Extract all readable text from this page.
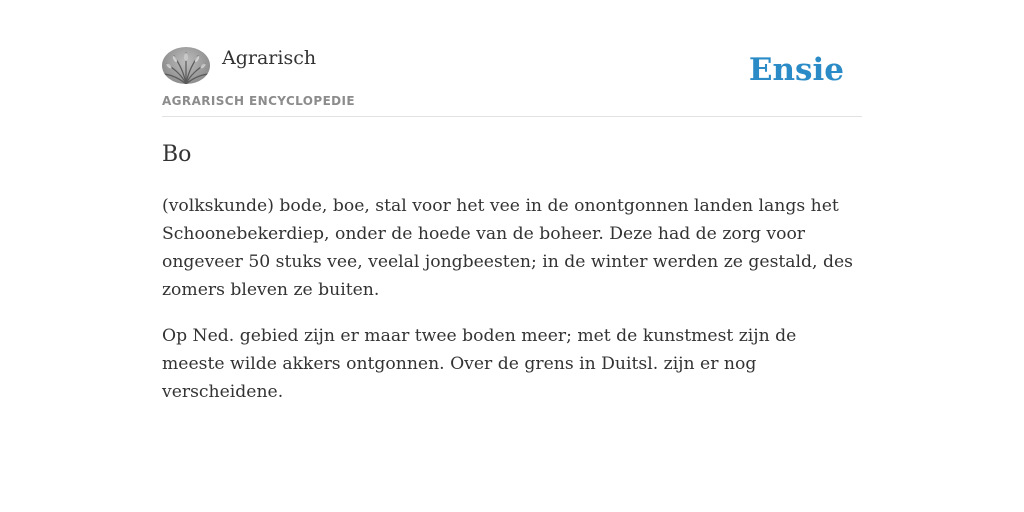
Agrarisch
AGRARISCH ENCYCLOPEDIE
Ensie
Bo

(volkskunde) bode, boe, stal voor het vee in de onontgonnen landen langs het Schoonebekerdiep, onder de hoede van de boheer. Deze had de zorg voor ongeveer 50 stuks vee, veelal jongbeesten; in de winter werden ze gestald, des zomers bleven ze buiten.

Op Ned. gebied zijn er maar twee boden meer; met de kunstmest zijn de meeste wilde akkers ontgonnen. Over de grens in Duitsl. zijn er nog verscheidene.
